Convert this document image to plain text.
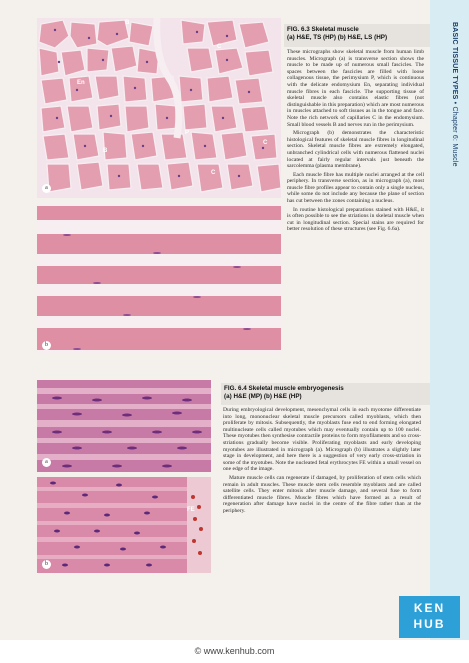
BASIC TISSUE TYPES • Chapter 6: Muscle
B
En
B
P
C
C
C
a
b
FIG. 6.3 Skeletal muscle
(a) H&E, TS (HP) (b) H&E, LS (HP)

These micrographs show skeletal muscle from human limb muscles. Micrograph (a) is transverse section shows the muscle to be made up of numerous small fascicles. The spaces between the fascicles are filled with loose collagenous tissue, the perimysium P, which is continuous with the delicate endomysium En, separating individual muscle fibres in each fascicle. The supporting tissue of skeletal muscle also contains elastic fibres (not distinguishable in this preparation) which are most numerous in muscles attached to soft tissues as in the tongue and face. Note the rich network of capillaries C in the endomysium. Small blood vessels B and nerves run in the perimysium.

Micrograph (b) demonstrates the characteristic histological features of skeletal muscle fibres in longitudinal section. Skeletal muscle fibres are extremely elongated, unbranched cylindrical cells with numerous flattened nuclei located at fairly regular intervals just beneath the sarcolemma (plasma membrane).

Each muscle fibre has multiple nuclei arranged at the cell periphery. In transverse section, as in micrograph (a), most muscle fibre profiles appear to contain only a single nucleus, while some do not include any because the plane of section has cut between the zones containing a nucleus.

In routine histological preparations stained with H&E, it is often possible to see the striations in skeletal muscle when cut in longitudinal section. Special stains are required for better resolution of these structures (see Fig. 6.6a).

a
FE
b
FIG. 6.4 Skeletal muscle embryogenesis
(a) H&E (MP) (b) H&E (HP)

During embryological development, mesenchymal cells in each myotome differentiate into long, mononuclear skeletal muscle precursors called myoblasts, which then proliferate by mitosis. Subsequently, the myoblasts fuse end to end forming elongated multinucleate cells called myotubes which may eventually contain up to 100 nuclei. These myotubes then synthesise contractile proteins to form myofilaments and so cross-striations gradually become visible. Proliferating myoblasts and early developing myotubes are illustrated in micrograph (a). Micrograph (b) illustrates a slightly later stage in development, and here there is a suggestion of very early cross-striation in some of the myotubes. Note the nucleated fetal erythrocytes FE within a small vessel on one edge of the image.

Mature muscle cells can regenerate if damaged, by proliferation of stem cells which remain in adult muscles. These muscle stem cells resemble myoblasts and are called satellite cells. They enter mitosis after muscle damage, and several fuse to form differentiated muscle fibres. Muscle fibres which have formed as a result of regeneration after damage have nuclei in the centre of the fibre rather than at the periphery.

KEN
HUB
© www.kenhub.com
